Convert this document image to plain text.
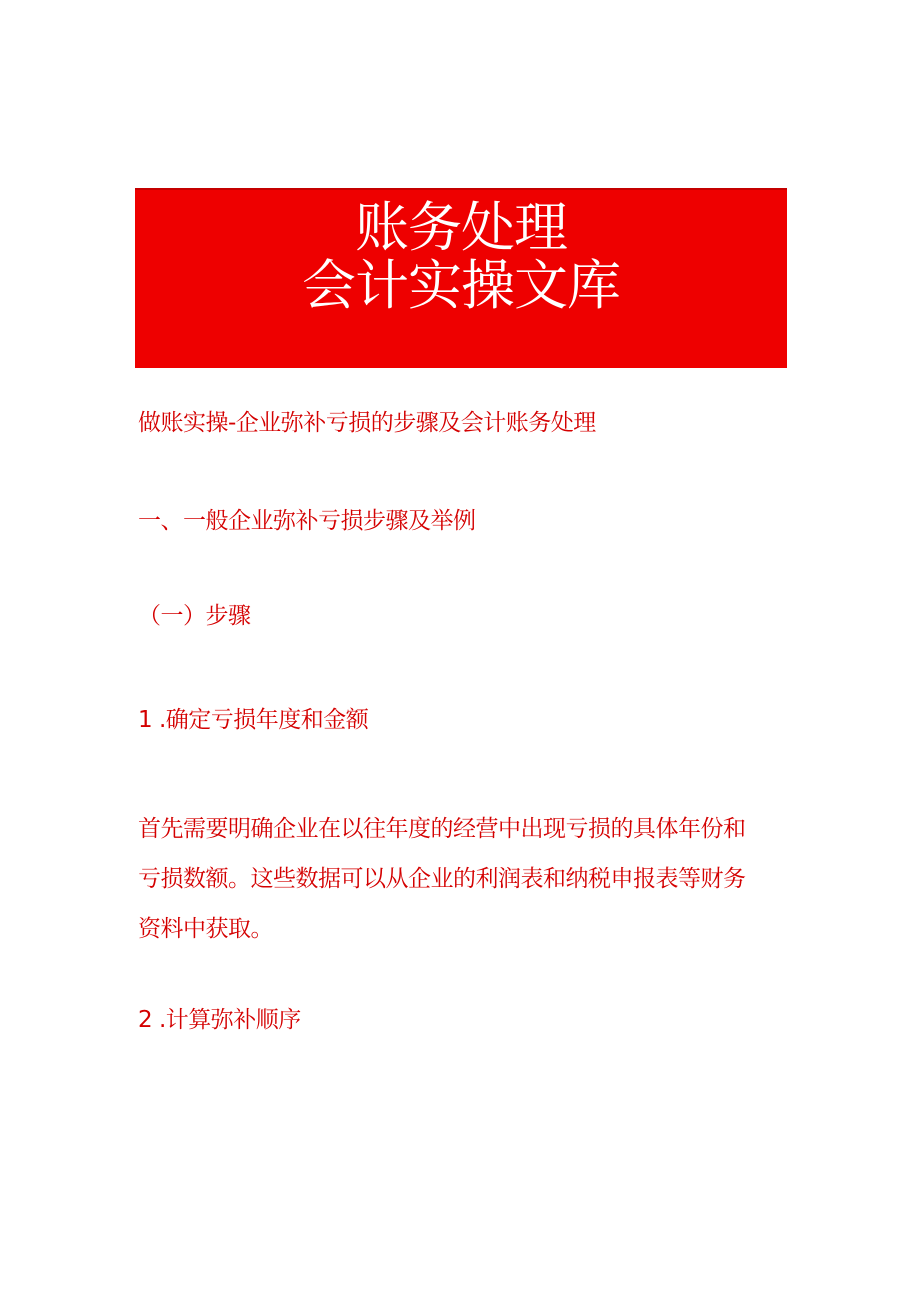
账务处理
会计实操文库
做账实操-企业弥补亏损的步骤及会计账务处理
一、一般企业弥补亏损步骤及举例
（一）步骤
1 .确定亏损年度和金额
首先需要明确企业在以往年度的经营中出现亏损的具体年份和
亏损数额。这些数据可以从企业的利润表和纳税申报表等财务
资料中获取。
2 .计算弥补顺序
